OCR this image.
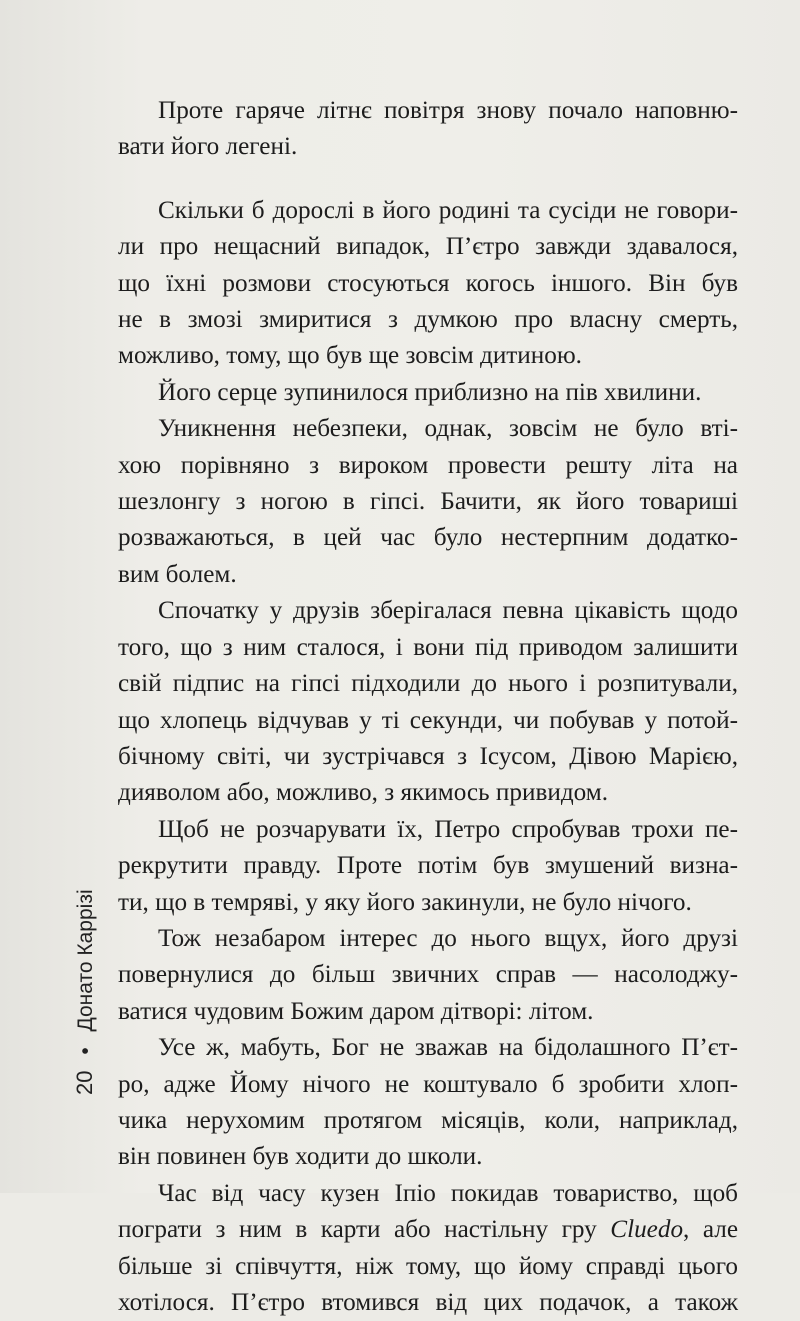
Проте гаряче літнє повітря знову почало наповню-
вати його легені.
Скільки б дорослі в його родині та сусіди не говори-
ли про нещасний випадок, П’єтро завжди здавалося,
що їхні розмови стосуються когось іншого. Він був
не в змозі змиритися з думкою про власну смерть,
можливо, тому, що був ще зовсім дитиною.
Його серце зупинилося приблизно на пів хвилини.
Уникнення небезпеки, однак, зовсім не було вті-
хою порівняно з вироком провести решту літа на
шезлонгу з ногою в гіпсі. Бачити, як його товариші
розважаються, в цей час було нестерпним додатко-
вим болем.
Спочатку у друзів зберігалася певна цікавість щодо
того, що з ним сталося, і вони під приводом залишити
свій підпис на гіпсі підходили до нього і розпитували,
що хлопець відчував у ті секунди, чи побував у потой-
бічному світі, чи зустрічався з Ісусом, Дівою Марією,
дияволом або, можливо, з якимось привидом.
Щоб не розчарувати їх, Петро спробував трохи пе-
рекрутити правду. Проте потім був змушений визна-
ти, що в темряві, у яку його закинули, не було нічого.
Тож незабаром інтерес до нього вщух, його друзі
повернулися до більш звичних справ — насолоджу-
ватися чудовим Божим даром дітворі: літом.
Усе ж, мабуть, Бог не зважав на бідолашного П’єт-
ро, адже Йому нічого не коштувало б зробити хлоп-
чика нерухомим протягом місяців, коли, наприклад,
він повинен був ходити до школи.
Час від часу кузен Іпіо покидав товариство, щоб
пограти з ним в карти або настільну гру Cluedo, але
більше зі співчуття, ніж тому, що йому справді цього
хотілося. П’єтро втомився від цих подачок, а також
20 • Донато Каррізі
